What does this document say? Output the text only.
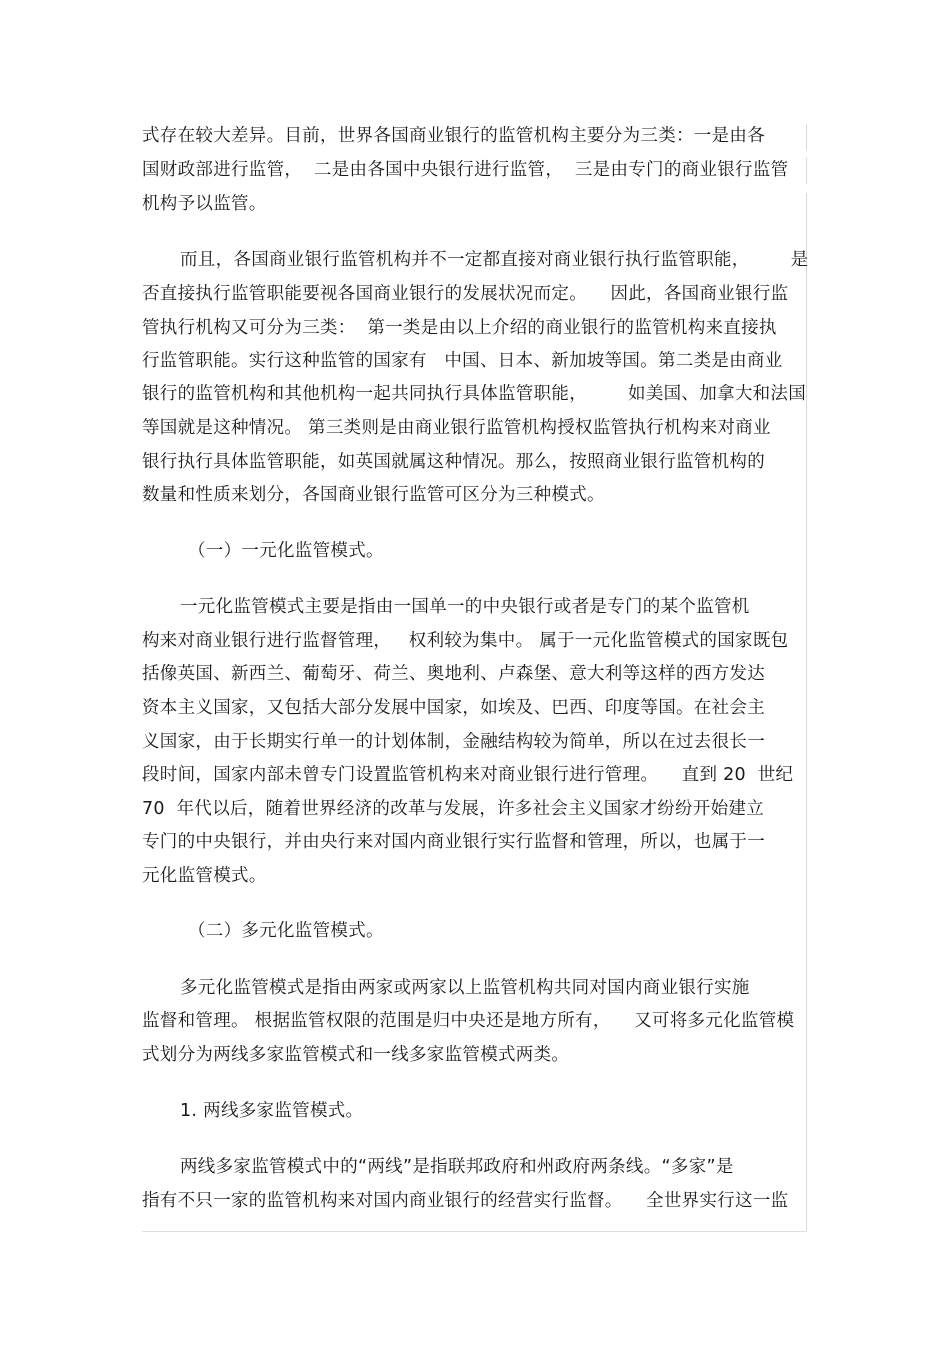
式存在较大差异。目前，世界各国商业银行的监管机构主要分为三类：一是由各
国财政部进行监管，  二是由各国中央银行进行监管，  三是由专门的商业银行监管
机构予以监管。
而且，各国商业银行监管机构并不一定都直接对商业银行执行监管职能，       是
否直接执行监管职能要视各国商业银行的发展状况而定。    因此，各国商业银行监
管执行机构又可分为三类：  第一类是由以上介绍的商业银行的监管机构来直接执
行监管职能。实行这种监管的国家有   中国、日本、新加坡等国。第二类是由商业
银行的监管机构和其他机构一起共同执行具体监管职能，       如美国、加拿大和法国
等国就是这种情况。 第三类则是由商业银行监管机构授权监管执行机构来对商业
银行执行具体监管职能，如英国就属这种情况。那么，按照商业银行监管机构的
数量和性质来划分，各国商业银行监管可区分为三种模式。
（一）一元化监管模式。
一元化监管模式主要是指由一国单一的中央银行或者是专门的某个监管机
构来对商业银行进行监督管理，   权利较为集中。 属于一元化监管模式的国家既包
括像英国、新西兰、葡萄牙、荷兰、奥地利、卢森堡、意大利等这样的西方发达
资本主义国家，又包括大部分发展中国家，如埃及、巴西、印度等国。在社会主
义国家，由于长期实行单一的计划体制，金融结构较为简单，所以在过去很长一
段时间，国家内部未曾专门设置监管机构来对商业银行进行管理。    直到 20  世纪
70  年代以后，随着世界经济的改革与发展，许多社会主义国家才纷纷开始建立
专门的中央银行，并由央行来对国内商业银行实行监督和管理，所以，也属于一
元化监管模式。
（二）多元化监管模式。
多元化监管模式是指由两家或两家以上监管机构共同对国内商业银行实施
监督和管理。 根据监管权限的范围是归中央还是地方所有，    又可将多元化监管模
式划分为两线多家监管模式和一线多家监管模式两类。
1. 两线多家监管模式。
两线多家监管模式中的“两线”是指联邦政府和州政府两条线。“多家”是
指有不只一家的监管机构来对国内商业银行的经营实行监督。    全世界实行这一监
